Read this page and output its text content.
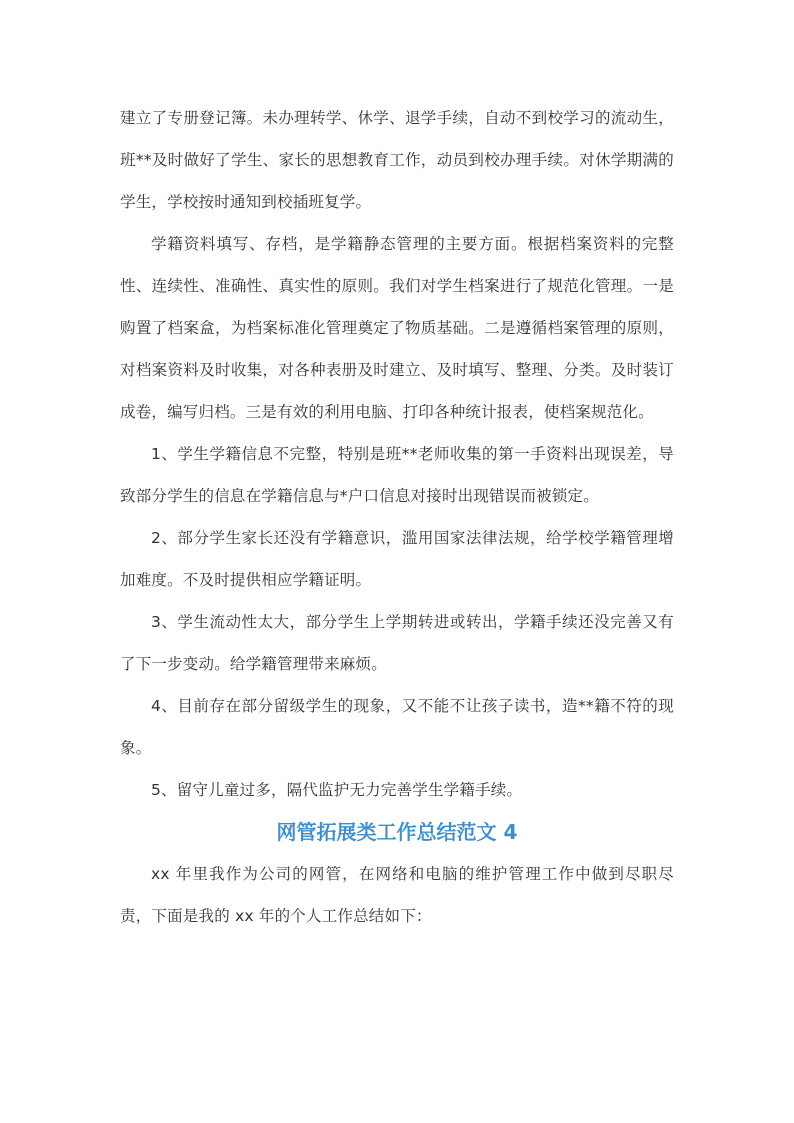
建立了专册登记簿。未办理转学、休学、退学手续，自动不到校学习的流动生，班**及时做好了学生、家长的思想教育工作，动员到校办理手续。对休学期满的学生，学校按时通知到校插班复学。

学籍资料填写、存档，是学籍静态管理的主要方面。根据档案资料的完整性、连续性、准确性、真实性的原则。我们对学生档案进行了规范化管理。一是购置了档案盒，为档案标准化管理奠定了物质基础。二是遵循档案管理的原则，对档案资料及时收集，对各种表册及时建立、及时填写、整理、分类。及时装订成卷，编写归档。三是有效的利用电脑、打印各种统计报表，使档案规范化。

1、学生学籍信息不完整，特别是班**老师收集的第一手资料出现误差，导致部分学生的信息在学籍信息与*户口信息对接时出现错误而被锁定。

2、部分学生家长还没有学籍意识，滥用国家法律法规，给学校学籍管理增加难度。不及时提供相应学籍证明。

3、学生流动性太大，部分学生上学期转进或转出，学籍手续还没完善又有了下一步变动。给学籍管理带来麻烦。

4、目前存在部分留级学生的现象，又不能不让孩子读书，造**籍不符的现象。

5、留守儿童过多，隔代监护无力完善学生学籍手续。

网管拓展类工作总结范文 4

xx 年里我作为公司的网管，在网络和电脑的维护管理工作中做到尽职尽责，下面是我的 xx 年的个人工作总结如下：
